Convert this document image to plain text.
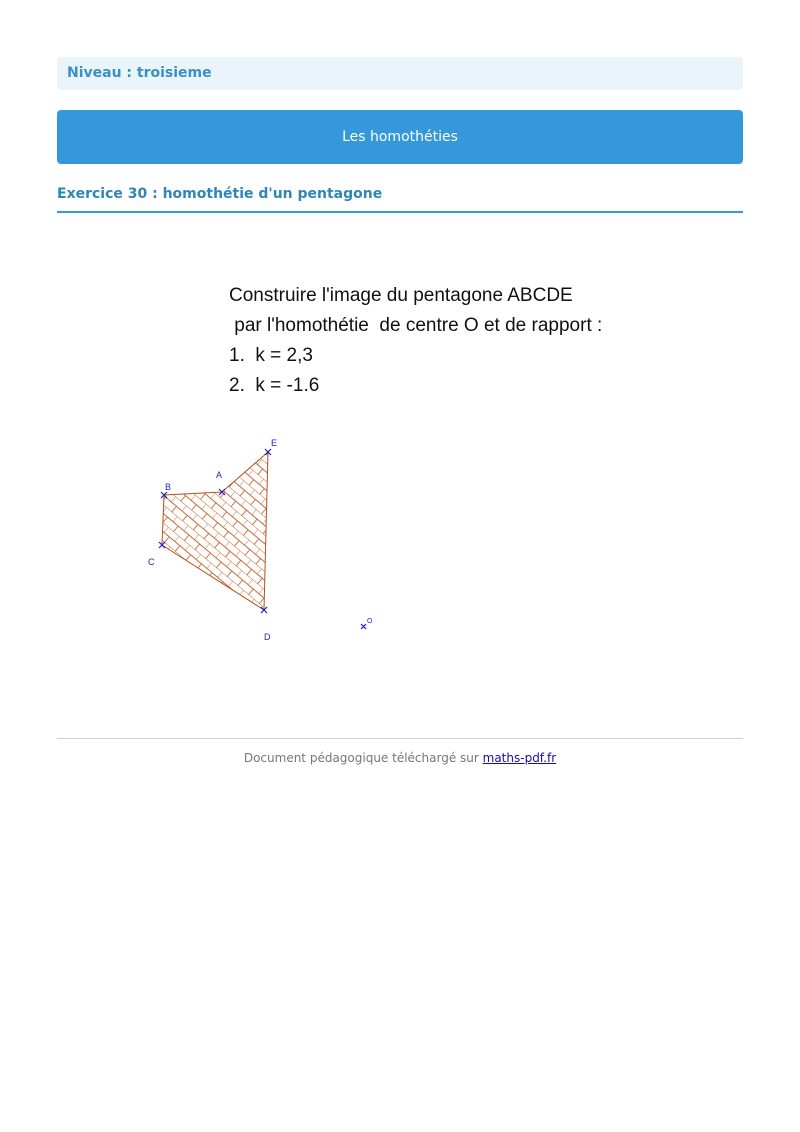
Niveau : troisieme
Les homothéties
Exercice 30 : homothétie d'un pentagone
Construire l'image du pentagone ABCDE
par l'homothétie  de centre O et de rapport :
1.  k = 2,3
2.  k = -1.6
A
B
C
D
E
O
Document pédagogique téléchargé sur maths-pdf.fr
